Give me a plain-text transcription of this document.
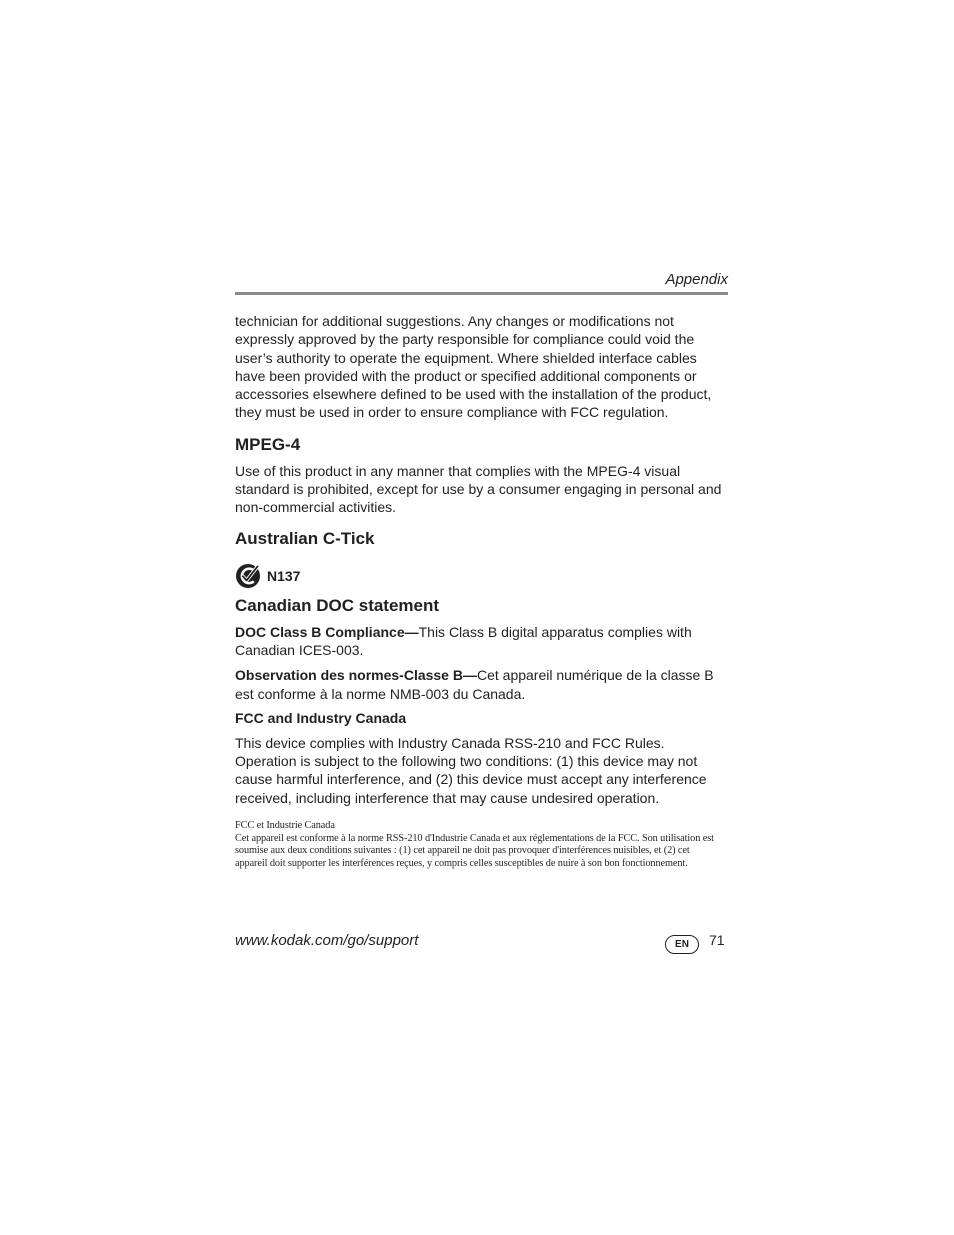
Appendix

technician for additional suggestions. Any changes or modifications not expressly approved by the party responsible for compliance could void the user’s authority to operate the equipment. Where shielded interface cables have been provided with the product or specified additional components or accessories elsewhere defined to be used with the installation of the product, they must be used in order to ensure compliance with FCC regulation.

MPEG-4

Use of this product in any manner that complies with the MPEG-4 visual standard is prohibited, except for use by a consumer engaging in personal and non-commercial activities.

Australian C-Tick
N137
Canadian DOC statement

DOC Class B Compliance—This Class B digital apparatus complies with Canadian ICES-003.

Observation des normes-Classe B—Cet appareil numérique de la classe B est conforme à la norme NMB-003 du Canada.

FCC and Industry Canada

This device complies with Industry Canada RSS-210 and FCC Rules. Operation is subject to the following two conditions: (1) this device may not cause harmful interference, and (2) this device must accept any interference received, including interference that may cause undesired operation.

FCC et Industrie Canada
Cet appareil est conforme à la norme RSS-210 d'Industrie Canada et aux réglementations de la FCC. Son utilisation est soumise aux deux conditions suivantes : (1) cet appareil ne doit pas provoquer d'interférences nuisibles, et (2) cet appareil doit supporter les interférences reçues, y compris celles susceptibles de nuire à son bon fonctionnement.
www.kodak.com/go/support	EN	71
